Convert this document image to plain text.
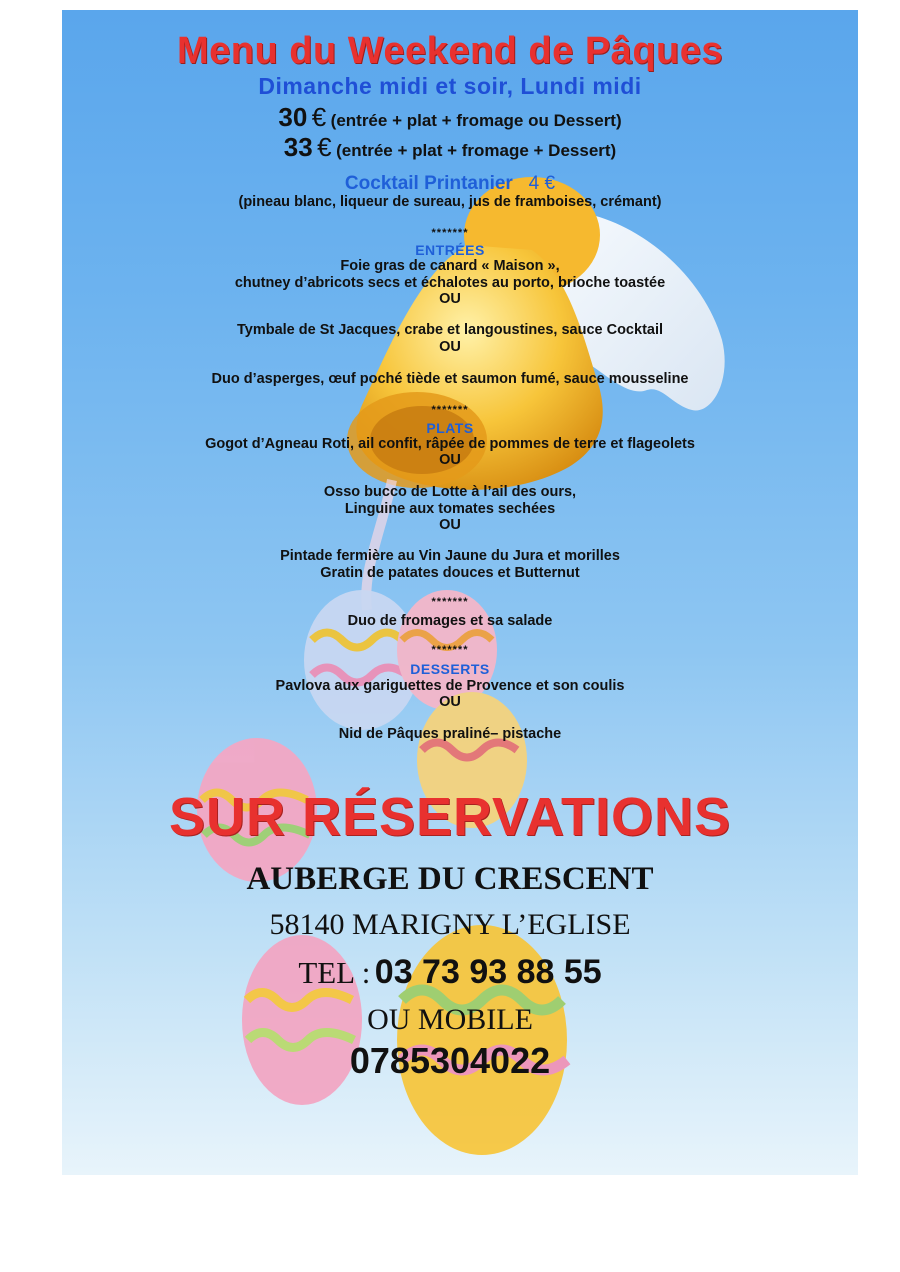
Menu du Weekend de Pâques
Dimanche midi et soir, Lundi midi
30 € (entrée + plat + fromage ou Dessert)
33 € (entrée + plat + fromage + Dessert)
Cocktail Printanier 4 €
(pineau blanc, liqueur de sureau, jus de framboises, crémant)
*******
ENTRÉES
Foie gras de canard « Maison »,
chutney d’abricots secs et échalotes au porto, brioche toastée
OU
Tymbale de St Jacques, crabe et langoustines, sauce Cocktail
OU
Duo d’asperges, œuf poché tiède et saumon fumé, sauce mousseline
*******
PLATS
Gogot d’Agneau Roti, ail confit, râpée de pommes de terre et flageolets
OU
Osso bucco de Lotte à l’ail des ours,
Linguine aux tomates sechées
OU
Pintade fermière au Vin Jaune du Jura et morilles
Gratin de patates douces et Butternut
*******
Duo de fromages et sa salade
*******
DESSERTS
Pavlova aux gariguettes de Provence et son coulis
OU
Nid de Pâques praliné– pistache
SUR RÉSERVATIONS
AUBERGE DU CRESCENT
58140 MARIGNY L’EGLISE
TEL : 03 73 93 88 55
OU MOBILE
0785304022
